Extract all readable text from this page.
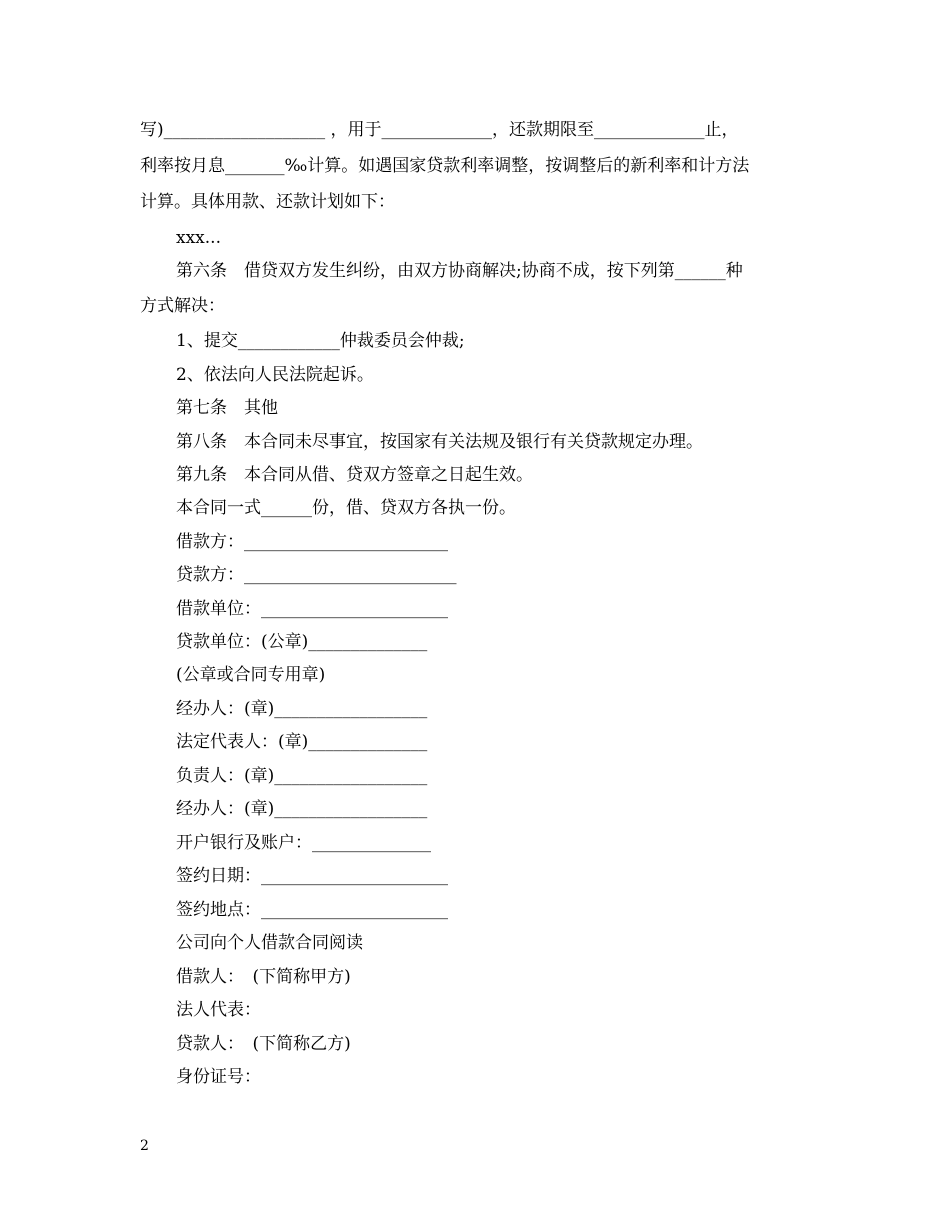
写)___________________ ，用于_____________，还款期限至_____________止，
利率按月息_______‰计算。如遇国家贷款利率调整，按调整后的新利率和计方法
计算。具体用款、还款计划如下：
xxx...
第六条　借贷双方发生纠纷，由双方协商解决;协商不成，按下列第______种
方式解决：
1、提交____________仲裁委员会仲裁;
2、依法向人民法院起诉。
第七条　其他
第八条　本合同未尽事宜，按国家有关法规及银行有关贷款规定办理。
第九条　本合同从借、贷双方签章之日起生效。
本合同一式______份，借、贷双方各执一份。
借款方：________________________
贷款方：_________________________
借款单位：______________________
贷款单位：(公章)______________
(公章或合同专用章)
经办人：(章)__________________
法定代表人：(章)______________
负责人：(章)__________________
经办人：(章)__________________
开户银行及账户：______________
签约日期：______________________
签约地点：______________________
公司向个人借款合同阅读
借款人：　(下简称甲方)
法人代表：
贷款人：　(下简称乙方)
身份证号：
2
